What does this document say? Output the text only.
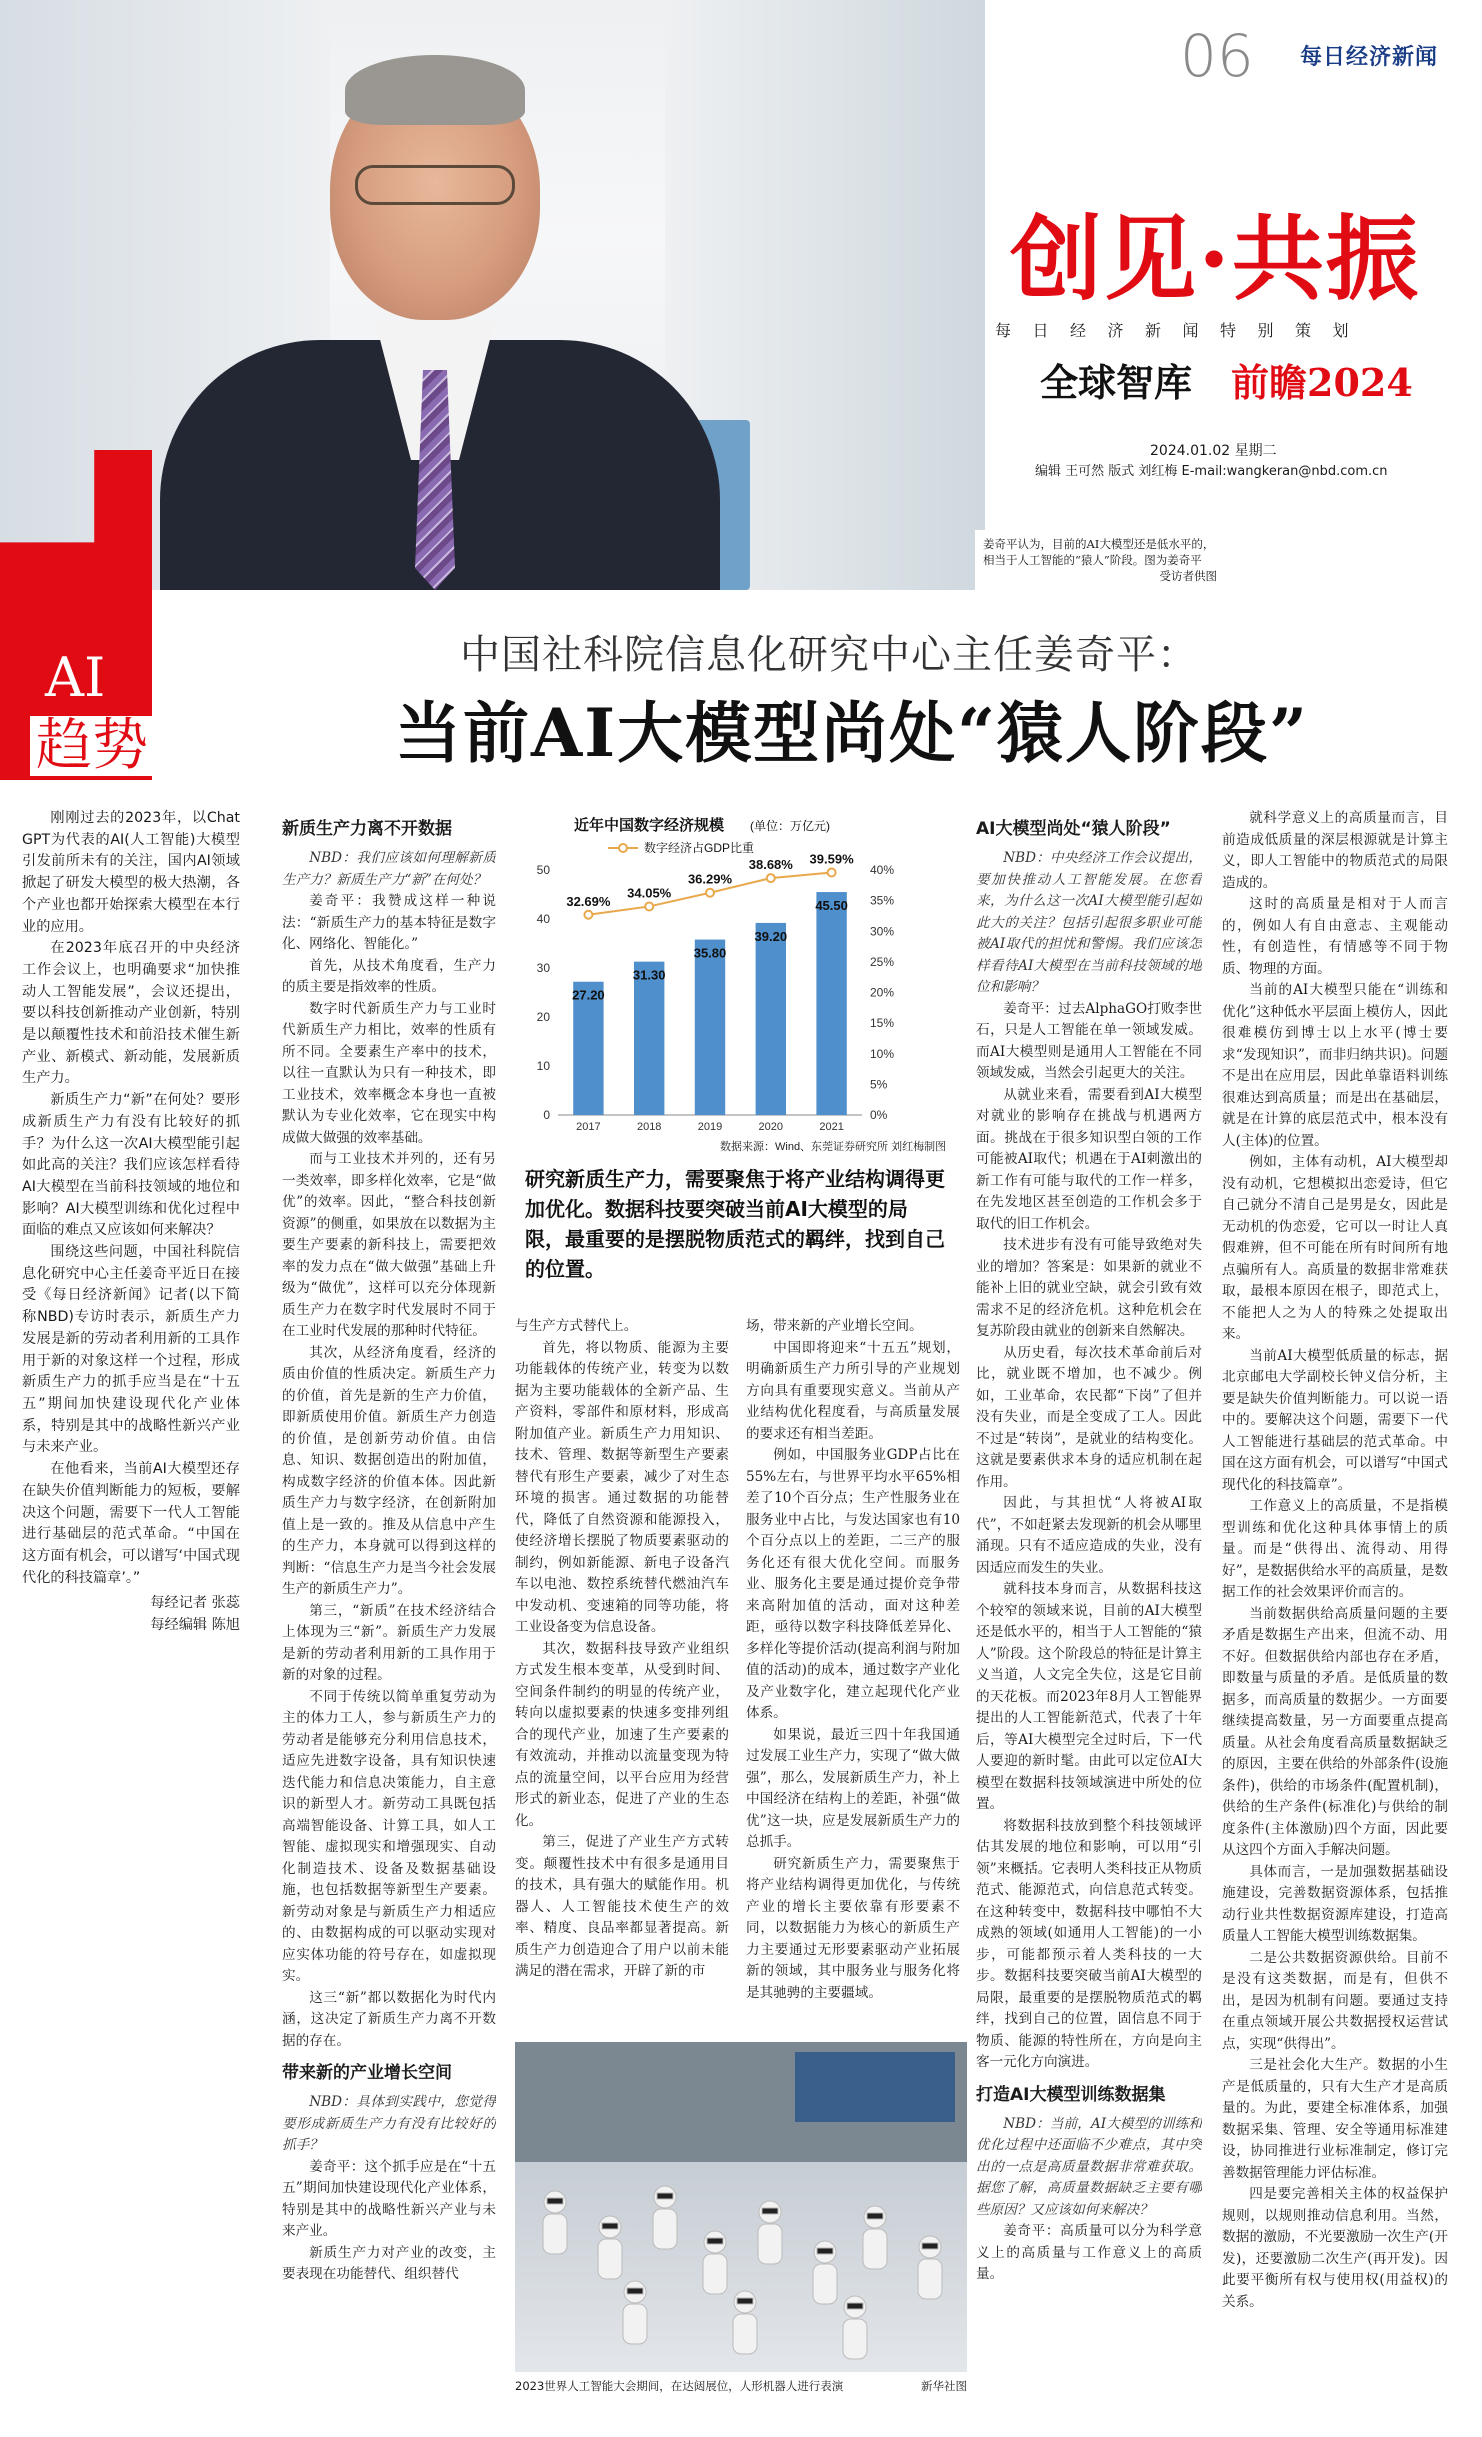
姜奇平认为，目前的AI大模型还是低水平的，相当于人工智能的“猿人”阶段。图为姜奇平
受访者供图
AI
趋势
06 每日经济新闻
创见·共振
每日经济新闻特别策划
全球智库 前瞻2024
2024.01.02 星期二
编辑 王可然 版式 刘红梅 E-mail:wangkeran@nbd.com.cn
中国社科院信息化研究中心主任姜奇平：
当前AI大模型尚处“猿人阶段”

刚刚过去的2023年，以Chat GPT为代表的AI(人工智能)大模型引发前所未有的关注，国内AI领域掀起了研发大模型的极大热潮，各个产业也都开始探索大模型在本行业的应用。

在2023年底召开的中央经济工作会议上，也明确要求“加快推动人工智能发展”，会议还提出，要以科技创新推动产业创新，特别是以颠覆性技术和前沿技术催生新产业、新模式、新动能，发展新质生产力。

新质生产力“新”在何处？要形成新质生产力有没有比较好的抓手？为什么这一次AI大模型能引起如此高的关注？我们应该怎样看待AI大模型在当前科技领域的地位和影响？AI大模型训练和优化过程中面临的难点又应该如何来解决？

围绕这些问题，中国社科院信息化研究中心主任姜奇平近日在接受《每日经济新闻》记者(以下简称NBD)专访时表示，新质生产力发展是新的劳动者利用新的工具作用于新的对象这样一个过程，形成新质生产力的抓手应当是在“十五五”期间加快建设现代化产业体系，特别是其中的战略性新兴产业与未来产业。

在他看来，当前AI大模型还存在缺失价值判断能力的短板，要解决这个问题，需要下一代人工智能进行基础层的范式革命。“中国在这方面有机会，可以谱写‘中国式现代化的科技篇章’。”

每经记者 张蕊

每经编辑 陈旭

新质生产力离不开数据

NBD：我们应该如何理解新质生产力？新质生产力“新”在何处？

姜奇平：我赞成这样一种说法：“新质生产力的基本特征是数字化、网络化、智能化。”

首先，从技术角度看，生产力的质主要是指效率的性质。

数字时代新质生产力与工业时代新质生产力相比，效率的性质有所不同。全要素生产率中的技术，以往一直默认为只有一种技术，即工业技术，效率概念本身也一直被默认为专业化效率，它在现实中构成做大做强的效率基础。

而与工业技术并列的，还有另一类效率，即多样化效率，它是“做优”的效率。因此，“整合科技创新资源”的侧重，如果放在以数据为主要生产要素的新科技上，需要把效率的发力点在“做大做强”基础上升级为“做优”，这样可以充分体现新质生产力在数字时代发展时不同于在工业时代发展的那种时代特征。

其次，从经济角度看，经济的质由价值的性质决定。新质生产力的价值，首先是新的生产力价值，即新质使用价值。新质生产力创造的价值，是创新劳动价值。由信息、知识、数据创造出的附加值，构成数字经济的价值本体。因此新质生产力与数字经济，在创新附加值上是一致的。推及从信息中产生的生产力，本身就可以得到这样的判断：“信息生产力是当今社会发展生产的新质生产力”。

第三，“新质”在技术经济结合上体现为三“新”。新质生产力发展是新的劳动者利用新的工具作用于新的对象的过程。

不同于传统以简单重复劳动为主的体力工人，参与新质生产力的劳动者是能够充分利用信息技术，适应先进数字设备，具有知识快速迭代能力和信息决策能力，自主意识的新型人才。新劳动工具既包括高端智能设备、计算工具，如人工智能、虚拟现实和增强现实、自动化制造技术、设备及数据基础设施，也包括数据等新型生产要素。新劳动对象是与新质生产力相适应的、由数据构成的可以驱动实现对应实体功能的符号存在，如虚拟现实。

这三“新”都以数据化为时代内涵，这决定了新质生产力离不开数据的存在。

带来新的产业增长空间

NBD：具体到实践中，您觉得要形成新质生产力有没有比较好的抓手？

姜奇平：这个抓手应是在“十五五”期间加快建设现代化产业体系，特别是其中的战略性新兴产业与未来产业。

新质生产力对产业的改变，主要表现在功能替代、组织替代

近年中国数字经济规模 (单位：万亿元)
数字经济占GDP比重
0
10
20
30
40
50
0%
5%
10%
15%
20%
25%
30%
35%
40%
27.20
2017
31.30
2018
35.80
2019
39.20
2020
45.50
2021
32.69%
34.05%
36.29%
38.68% 39.59%
数据来源：Wind、东莞证券研究所 刘红梅制图
研究新质生产力，需要聚焦于将产业结构调得更加优化。数据科技要突破当前AI大模型的局限，最重要的是摆脱物质范式的羁绊，找到自己的位置。

与生产方式替代上。

首先，将以物质、能源为主要功能载体的传统产业，转变为以数据为主要功能载体的全新产品、生产资料，零部件和原材料，形成高附加值产业。新质生产力用知识、技术、管理、数据等新型生产要素替代有形生产要素，减少了对生态环境的损害。通过数据的功能替代，降低了自然资源和能源投入，使经济增长摆脱了物质要素驱动的制约，例如新能源、新电子设备汽车以电池、数控系统替代燃油汽车中发动机、变速箱的同等功能，将工业设备变为信息设备。

其次，数据科技导致产业组织方式发生根本变革，从受到时间、空间条件制约的明显的传统产业，转向以虚拟要素的快速多变排列组合的现代产业，加速了生产要素的有效流动，并推动以流量变现为特点的流量空间，以平台应用为经营形式的新业态，促进了产业的生态化。

第三，促进了产业生产方式转变。颠覆性技术中有很多是通用目的技术，具有强大的赋能作用。机器人、人工智能技术使生产的效率、精度、良品率都显著提高。新质生产力创造迎合了用户以前未能满足的潜在需求，开辟了新的市

场，带来新的产业增长空间。

中国即将迎来“十五五”规划，明确新质生产力所引导的产业规划方向具有重要现实意义。当前从产业结构优化程度看，与高质量发展的要求还有相当差距。

例如，中国服务业GDP占比在55%左右，与世界平均水平65%相差了10个百分点；生产性服务业在服务业中占比，与发达国家也有10个百分点以上的差距，二三产的服务化还有很大优化空间。而服务业、服务化主要是通过提价竞争带来高附加值的活动，面对这种差距，亟待以数字科技降低差异化、多样化等提价活动(提高利润与附加值的活动)的成本，通过数字产业化及产业数字化，建立起现代化产业体系。

如果说，最近三四十年我国通过发展工业生产力，实现了“做大做强”，那么，发展新质生产力，补上中国经济在结构上的差距，补强“做优”这一块，应是发展新质生产力的总抓手。

研究新质生产力，需要聚焦于将产业结构调得更加优化，与传统产业的增长主要依靠有形要素不同，以数据能力为核心的新质生产力主要通过无形要素驱动产业拓展新的领域，其中服务业与服务化将是其驰骋的主要疆域。

2023世界人工智能大会期间，在达闼展位，人形机器人进行表演	新华社图
AI大模型尚处“猿人阶段”

NBD：中央经济工作会议提出，要加快推动人工智能发展。在您看来，为什么这一次AI大模型能引起如此大的关注？包括引起很多职业可能被AI取代的担忧和警惕。我们应该怎样看待AI大模型在当前科技领域的地位和影响？

姜奇平：过去AlphaGO打败李世石，只是人工智能在单一领域发威。而AI大模型则是通用人工智能在不同领域发威，当然会引起更大的关注。

从就业来看，需要看到AI大模型对就业的影响存在挑战与机遇两方面。挑战在于很多知识型白领的工作可能被AI取代；机遇在于AI刺激出的新工作有可能与取代的工作一样多，在先发地区甚至创造的工作机会多于取代的旧工作机会。

技术进步有没有可能导致绝对失业的增加？答案是：如果新的就业不能补上旧的就业空缺，就会引致有效需求不足的经济危机。这种危机会在复苏阶段由就业的创新来自然解决。

从历史看，每次技术革命前后对比，就业既不增加，也不减少。例如，工业革命，农民都“下岗”了但并没有失业，而是全变成了工人。因此不过是“转岗”，是就业的结构变化。这就是要素供求本身的适应机制在起作用。

因此，与其担忧“人将被AI取代”，不如赶紧去发现新的机会从哪里涌现。只有不适应造成的失业，没有因适应而发生的失业。

就科技本身而言，从数据科技这个较窄的领域来说，目前的AI大模型还是低水平的，相当于人工智能的“猿人”阶段。这个阶段总的特征是计算主义当道，人文完全失位，这是它目前的天花板。而2023年8月人工智能界提出的人工智能新范式，代表了十年后，等AI大模型完全过时后，下一代人要迎的新时髦。由此可以定位AI大模型在数据科技领域演进中所处的位置。

将数据科技放到整个科技领域评估其发展的地位和影响，可以用“引领”来概括。它表明人类科技正从物质范式、能源范式，向信息范式转变。在这种转变中，数据科技中哪怕不大成熟的领域(如通用人工智能)的一小步，可能都预示着人类科技的一大步。数据科技要突破当前AI大模型的局限，最重要的是摆脱物质范式的羁绊，找到自己的位置，固信息不同于物质、能源的特性所在，方向是向主客一元化方向演进。

打造AI大模型训练数据集

NBD：当前，AI大模型的训练和优化过程中还面临不少难点，其中突出的一点是高质量数据非常难获取。据您了解，高质量数据缺乏主要有哪些原因？又应该如何来解决？

姜奇平：高质量可以分为科学意义上的高质量与工作意义上的高质量。

就科学意义上的高质量而言，目前造成低质量的深层根源就是计算主义，即人工智能中的物质范式的局限造成的。

这时的高质量是相对于人而言的，例如人有自由意志、主观能动性，有创造性，有情感等不同于物质、物理的方面。

当前的AI大模型只能在“训练和优化”这种低水平层面上模仿人，因此很难模仿到博士以上水平(博士要求“发现知识”，而非归纳共识)。问题不是出在应用层，因此单靠语料训练很难达到高质量；而是出在基础层，就是在计算的底层范式中，根本没有人(主体)的位置。

例如，主体有动机，AI大模型却没有动机，它想模拟出恋爱诗，但它自己就分不清自己是男是女，因此是无动机的伪恋爱，它可以一时让人真假难辨，但不可能在所有时间所有地点骗所有人。高质量的数据非常难获取，最根本原因在根子，即范式上，不能把人之为人的特殊之处提取出来。

当前AI大模型低质量的标志，据北京邮电大学副校长钟义信分析，主要是缺失价值判断能力。可以说一语中的。要解决这个问题，需要下一代人工智能进行基础层的范式革命。中国在这方面有机会，可以谱写“中国式现代化的科技篇章”。

工作意义上的高质量，不是指模型训练和优化这种具体事情上的质量。而是“供得出、流得动、用得好”，是数据供给水平的高质量，是数据工作的社会效果评价而言的。

当前数据供给高质量问题的主要矛盾是数据生产出来，但流不动、用不好。但数据供给内部也存在矛盾，即数量与质量的矛盾。是低质量的数据多，而高质量的数据少。一方面要继续提高数量，另一方面要重点提高质量。从社会角度看高质量数据缺乏的原因，主要在供给的外部条件(设施条件)，供给的市场条件(配置机制)，供给的生产条件(标准化)与供给的制度条件(主体激励)四个方面，因此要从这四个方面入手解决问题。

具体而言，一是加强数据基础设施建设，完善数据资源体系，包括推动行业共性数据资源库建设，打造高质量人工智能大模型训练数据集。

二是公共数据资源供给。目前不是没有这类数据，而是有，但供不出，是因为机制有问题。要通过支持在重点领域开展公共数据授权运营试点，实现“供得出”。

三是社会化大生产。数据的小生产是低质量的，只有大生产才是高质量的。为此，要建全标准体系，加强数据采集、管理、安全等通用标准建设，协同推进行业标准制定，修订完善数据管理能力评估标准。

四是要完善相关主体的权益保护规则，以规则推动信息利用。当然，数据的激励，不光要激励一次生产(开发)，还要激励二次生产(再开发)。因此要平衡所有权与使用权(用益权)的关系。
